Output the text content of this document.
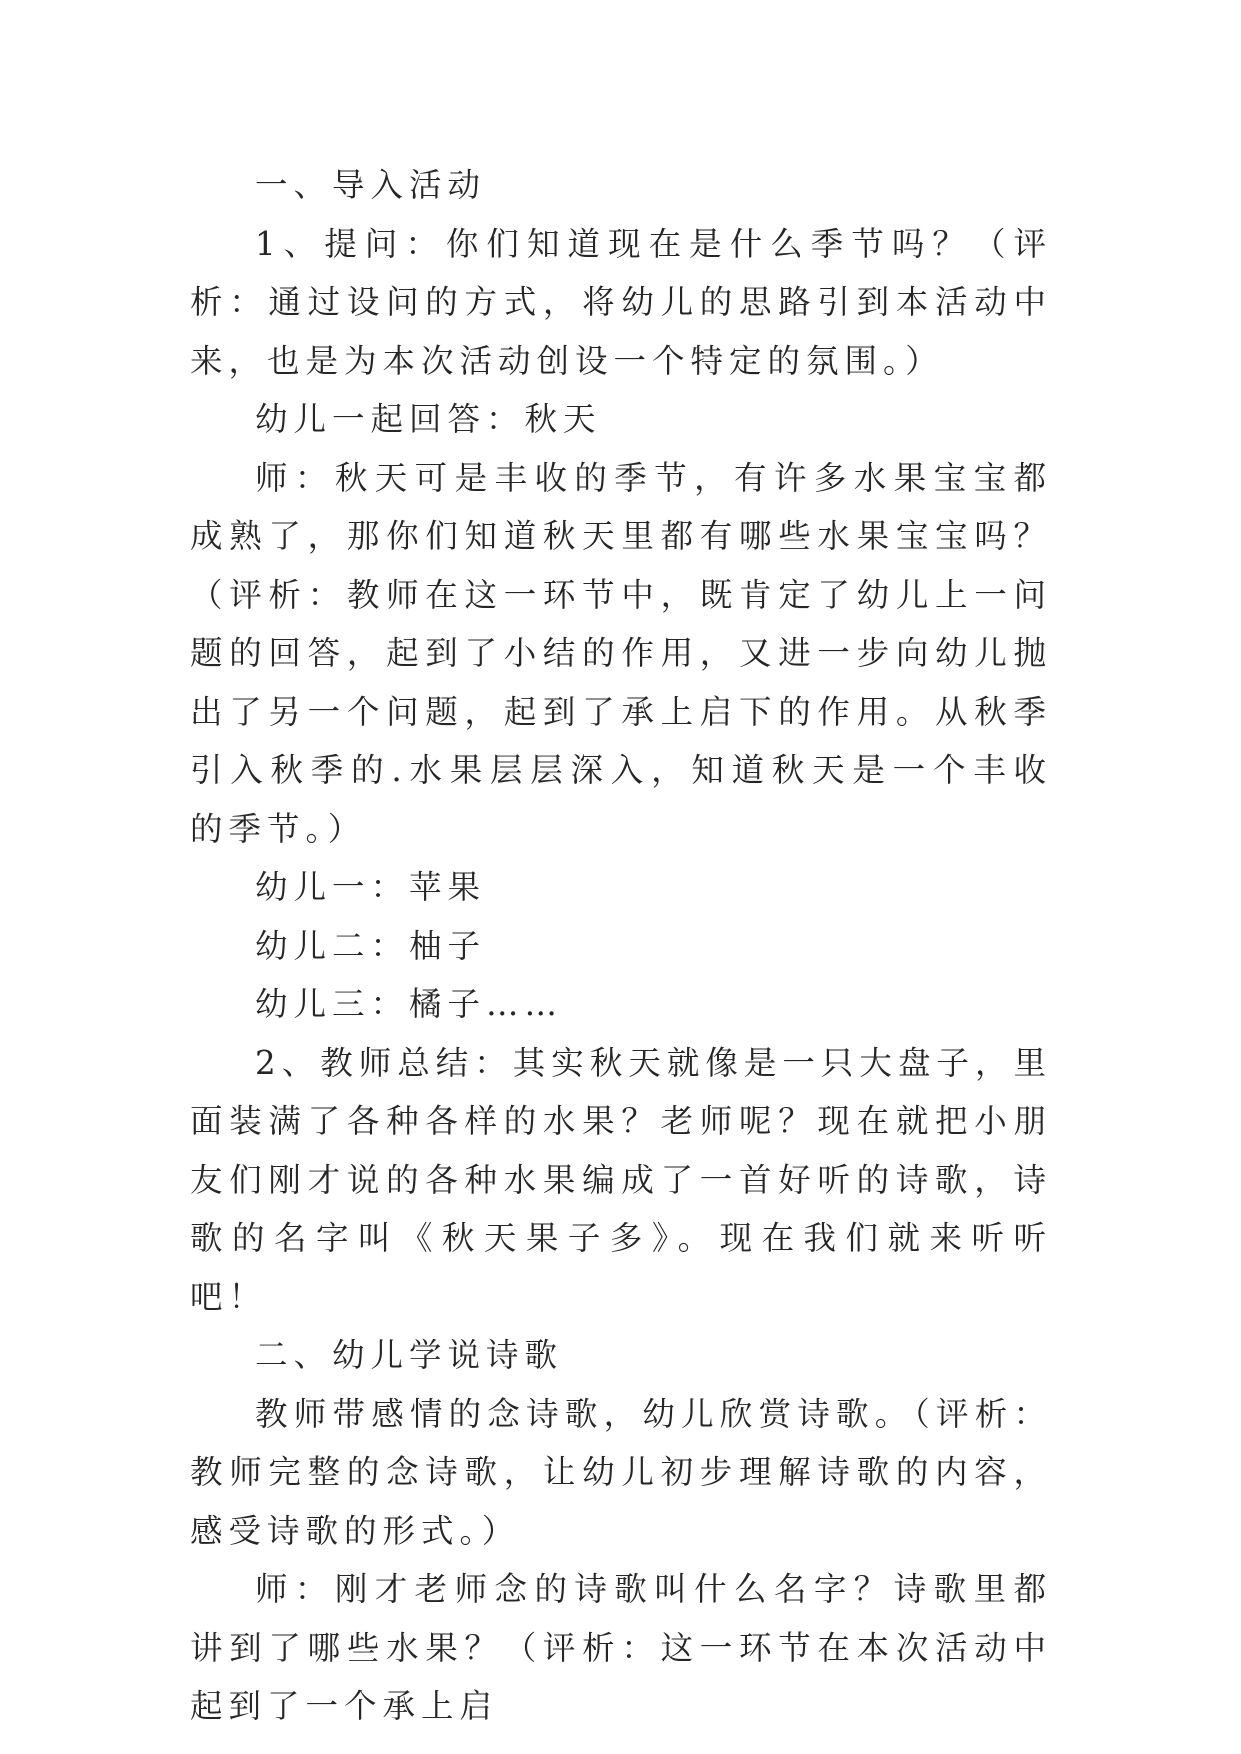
一、导入活动

1、提问：你们知道现在是什么季节吗？（评析：通过设问的方式，将幼儿的思路引到本活动中来，也是为本次活动创设一个特定的氛围。）

幼儿一起回答：秋天

师：秋天可是丰收的季节，有许多水果宝宝都成熟了，那你们知道秋天里都有哪些水果宝宝吗？ （评析：教师在这一环节中，既肯定了幼儿上一问题的回答，起到了小结的作用，又进一步向幼儿抛出了另一个问题，起到了承上启下的作用。从秋季引入秋季的.水果层层深入，知道秋天是一个丰收的季节。）

幼儿一：苹果

幼儿二：柚子

幼儿三：橘子……

2、教师总结：其实秋天就像是一只大盘子，里面装满了各种各样的水果？老师呢？现在就把小朋友们刚才说的各种水果编成了一首好听的诗歌，诗歌的名字叫《秋天果子多》。现在我们就来听听吧！

二、幼儿学说诗歌

教师带感情的念诗歌，幼儿欣赏诗歌。（评析：教师完整的念诗歌，让幼儿初步理解诗歌的内容，感受诗歌的形式。）

师：刚才老师念的诗歌叫什么名字？诗歌里都讲到了哪些水果？（评析：这一环节在本次活动中起到了一个承上启
